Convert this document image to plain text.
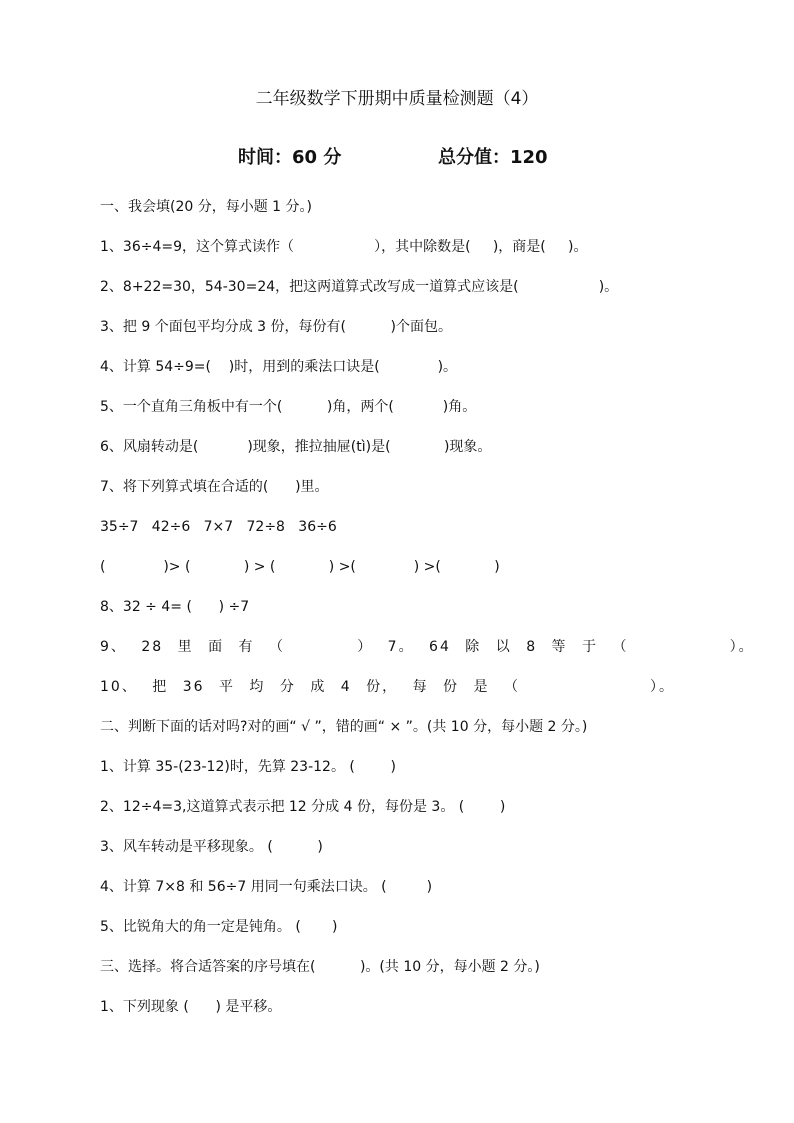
二年级数学下册期中质量检测题（4）
时间：60 分	总分值：120
一、我会填(20 分，每小题 1 分。)
1、36÷4=9，这个算式读作（                  ），其中除数是(     )，商是(     )。
2、8+22=30，54-30=24，把这两道算式改写成一道算式应该是(                  )。
3、把 9 个面包平均分成 3 份，每份有(          )个面包。
4、计算 54÷9=(    )时，用到的乘法口诀是(             )。
5、一个直角三角板中有一个(          )角，两个(           )角。
6、风扇转动是(           )现象，推拉抽屉(tì)是(            )现象。
7、将下列算式填在合适的(      )里。
35÷7   42÷6   7×7   72÷8   36÷6
(             )> (            ) > (            ) >(             ) >(            )
8、32 ÷ 4= (      ) ÷7
9、 28 里 面 有 （     ） 7。 64 除 以 8 等 于 （       ）。
10、 把 36 平 均 分 成 4 份， 每 份 是 （         ）。
二、判断下面的话对吗?对的画“ √ ”，错的画“ × ”。(共 10 分，每小题 2 分。)
1、计算 35-(23-12)时，先算 23-12。 (        )
2、12÷4=3,这道算式表示把 12 分成 4 份，每份是 3。 (        )
3、风车转动是平移现象。 (          )
4、计算 7×8 和 56÷7 用同一句乘法口诀。 (         )
5、比锐角大的角一定是钝角。 (       )
三、选择。将合适答案的序号填在(          )。(共 10 分，每小题 2 分。)
1、下列现象 (      ) 是平移。
